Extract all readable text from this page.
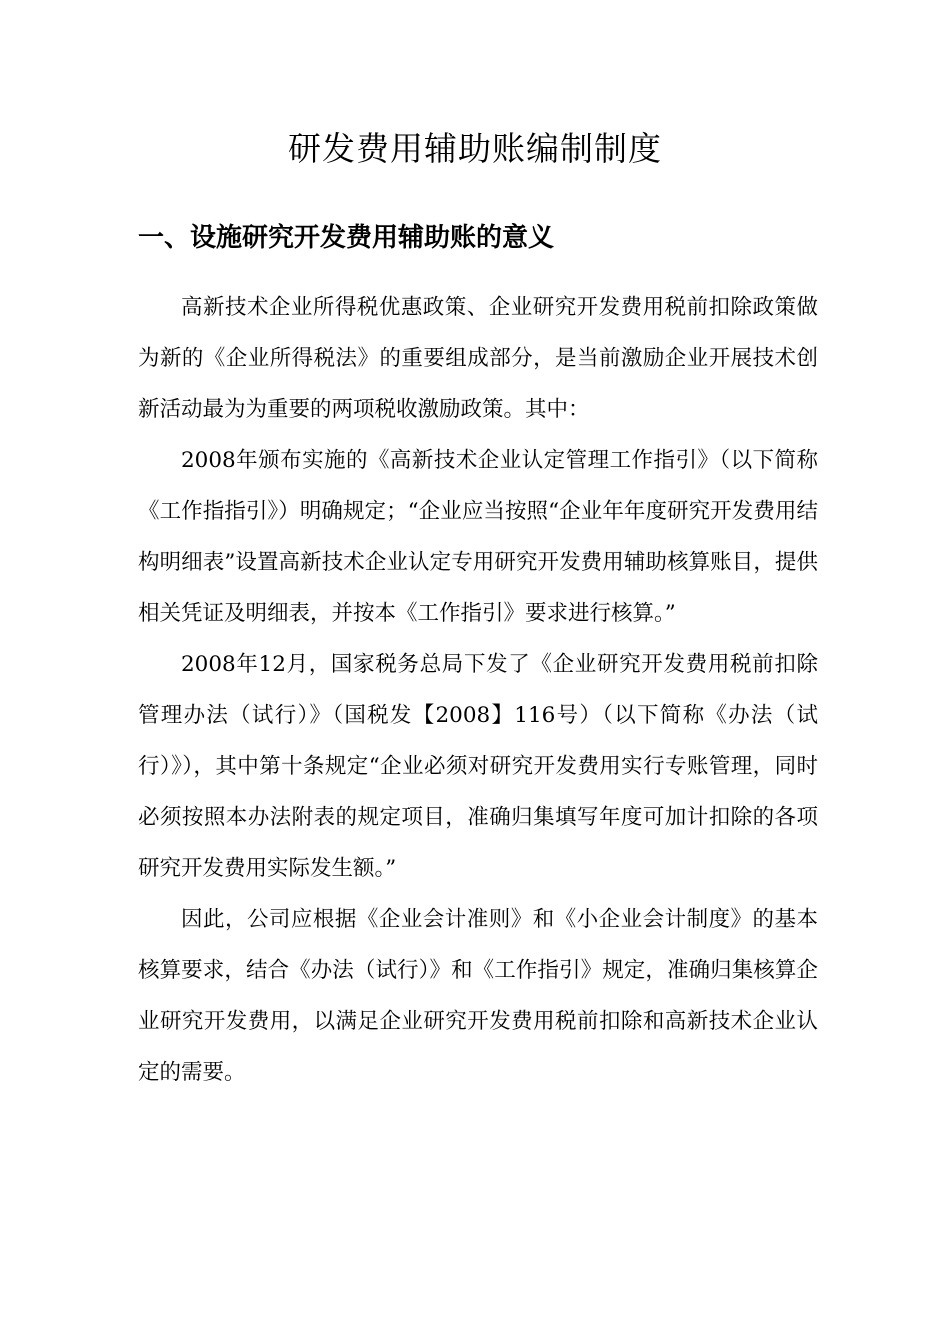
研发费用辅助账编制制度
一、设施研究开发费用辅助账的意义

高新技术企业所得税优惠政策、企业研究开发费用税前扣除政策做为新的《企业所得税法》的重要组成部分，是当前激励企业开展技术创新活动最为为重要的两项税收激励政策。其中：

2008年颁布实施的《高新技术企业认定管理工作指引》（以下简称《工作指指引》）明确规定；“企业应当按照“企业年年度研究开发费用结构明细表”设置高新技术企业认定专用研究开发费用辅助核算账目，提供相关凭证及明细表，并按本《工作指引》要求进行核算。”

2008年12月，国家税务总局下发了《企业研究开发费用税前扣除管理办法（试行）》（国税发【2008】116号）（以下简称《办法（试行）》），其中第十条规定“企业必须对研究开发费用实行专账管理，同时必须按照本办法附表的规定项目，准确归集填写年度可加计扣除的各项研究开发费用实际发生额。”

因此，公司应根据《企业会计准则》和《小企业会计制度》的基本核算要求，结合《办法（试行）》和《工作指引》规定，准确归集核算企业研究开发费用，以满足企业研究开发费用税前扣除和高新技术企业认定的需要。
